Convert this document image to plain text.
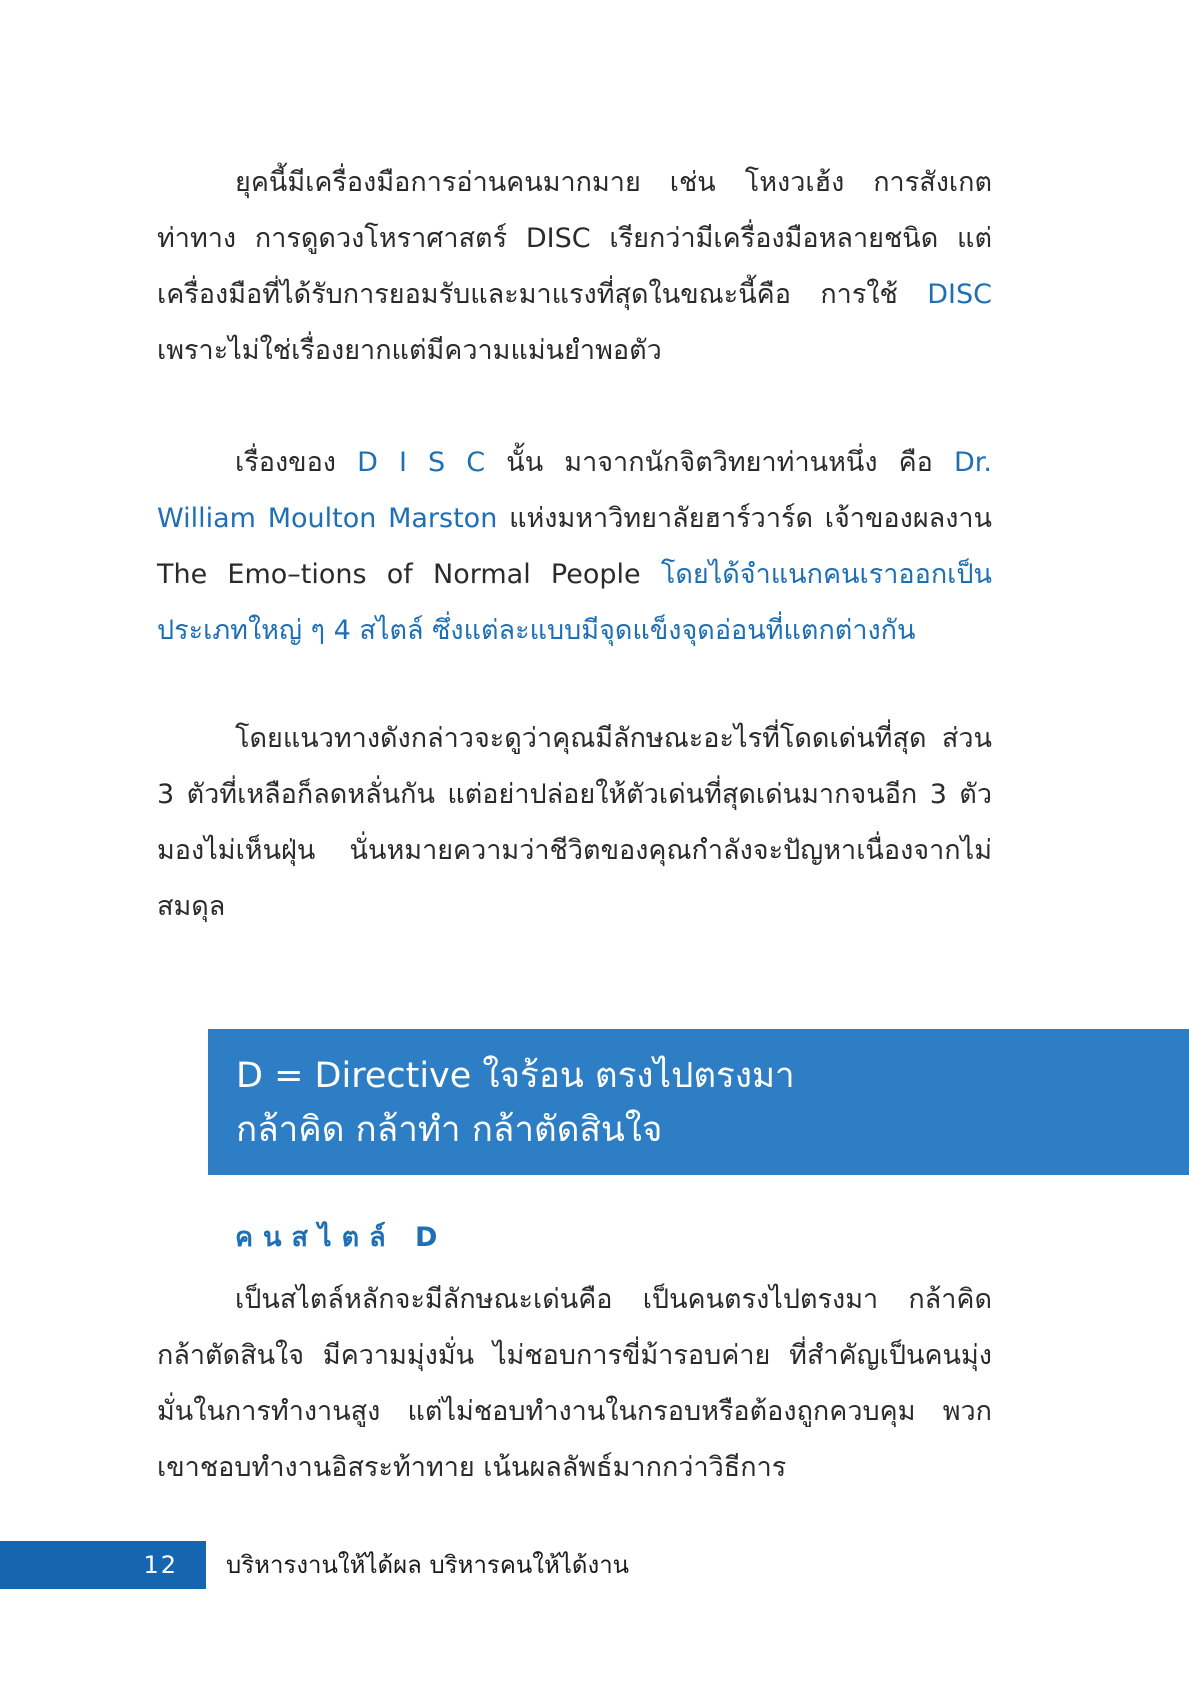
ยุคนี้มีเครื่องมือการอ่านคนมากมาย เช่น โหงวเฮ้ง การสังเกตท่าทาง การดูดวงโหราศาสตร์ DISC เรียกว่ามีเครื่องมือหลายชนิด แต่เครื่องมือที่ได้รับการยอมรับและมาแรงที่สุดในขณะนี้คือ การใช้ DISC เพราะไม่ใช่เรื่องยากแต่มีความแม่นยำพอตัว

เรื่องของ D I S C นั้น มาจากนักจิตวิทยาท่านหนึ่ง คือ Dr. William Moulton Marston แห่งมหาวิทยาลัยฮาร์วาร์ด เจ้าของผลงาน The Emo–tions of Normal People โดยได้จำแนกคนเราออกเป็นประเภทใหญ่ ๆ 4 สไตล์ ซึ่งแต่ละแบบมีจุดแข็งจุดอ่อนที่แตกต่างกัน

โดยแนวทางดังกล่าวจะดูว่าคุณมีลักษณะอะไรที่โดดเด่นที่สุด ส่วน 3 ตัวที่เหลือก็ลดหลั่นกัน แต่อย่าปล่อยให้ตัวเด่นที่สุดเด่นมากจนอีก 3 ตัวมองไม่เห็นฝุ่น นั่นหมายความว่าชีวิตของคุณกำลังจะปัญหาเนื่องจากไม่สมดุล

D = Directive ใจร้อน ตรงไปตรงมา
กล้าคิด กล้าทำ กล้าตัดสินใจ

คนสไตล์ D

เป็นสไตล์หลักจะมีลักษณะเด่นคือ เป็นคนตรงไปตรงมา กล้าคิด กล้าตัดสินใจ มีความมุ่งมั่น ไม่ชอบการขี่ม้ารอบค่าย ที่สำคัญเป็นคนมุ่งมั่นในการทำงานสูง แต่ไม่ชอบทำงานในกรอบหรือต้องถูกควบคุม พวกเขาชอบทำงานอิสระท้าทาย เน้นผลลัพธ์มากกว่าวิธีการ

12 บริหารงานให้ได้ผล บริหารคนให้ได้งาน
